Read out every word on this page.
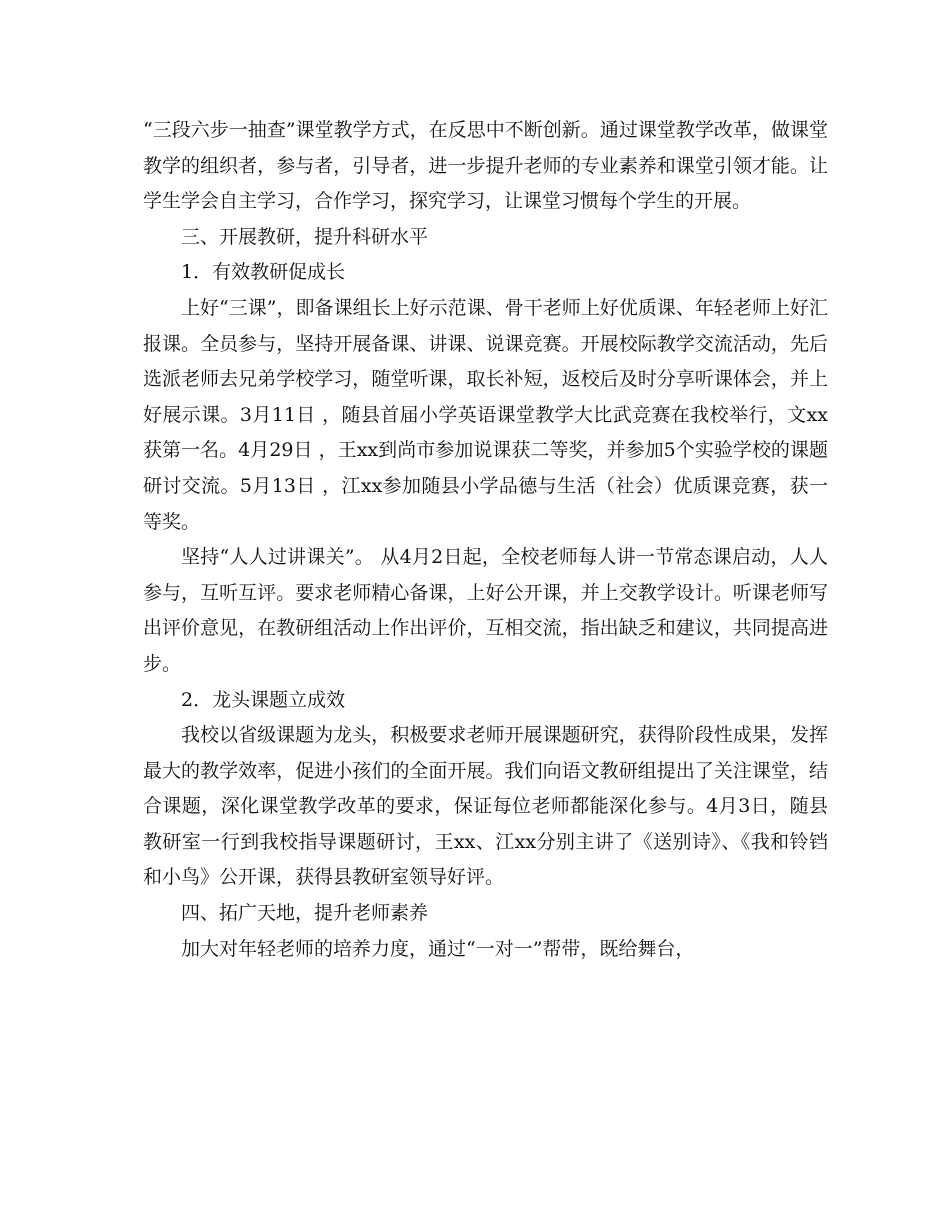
“三段六步一抽查”课堂教学方式，在反思中不断创新。通过课堂教学改革，做课堂教学的组织者，参与者，引导者，进一步提升老师的专业素养和课堂引领才能。让学生学会自主学习，合作学习，探究学习，让课堂习惯每个学生的开展。

三、开展教研，提升科研水平

1．有效教研促成长

上好“三课”，即备课组长上好示范课、骨干老师上好优质课、年轻老师上好汇报课。全员参与，坚持开展备课、讲课、说课竞赛。开展校际教学交流活动，先后选派老师去兄弟学校学习，随堂听课，取长补短，返校后及时分享听课体会，并上好展示课。3月11日 ，随县首届小学英语课堂教学大比武竞赛在我校举行，文xx获第一名。4月29日 ，王xx到尚市参加说课获二等奖，并参加5个实验学校的课题研讨交流。5月13日 ，江xx参加随县小学品德与生活（社会）优质课竞赛，获一等奖。

坚持“人人过讲课关”。 从4月2日起，全校老师每人讲一节常态课启动，人人参与，互听互评。要求老师精心备课，上好公开课，并上交教学设计。听课老师写出评价意见，在教研组活动上作出评价，互相交流，指出缺乏和建议，共同提高进步。

2．龙头课题立成效

我校以省级课题为龙头，积极要求老师开展课题研究，获得阶段性成果，发挥最大的教学效率，促进小孩们的全面开展。我们向语文教研组提出了关注课堂，结合课题，深化课堂教学改革的要求，保证每位老师都能深化参与。4月3日，随县教研室一行到我校指导课题研讨，王xx、江xx分别主讲了《送别诗》、《我和铃铛和小鸟》公开课，获得县教研室领导好评。

四、拓广天地，提升老师素养

加大对年轻老师的培养力度，通过“一对一”帮带，既给舞台，
